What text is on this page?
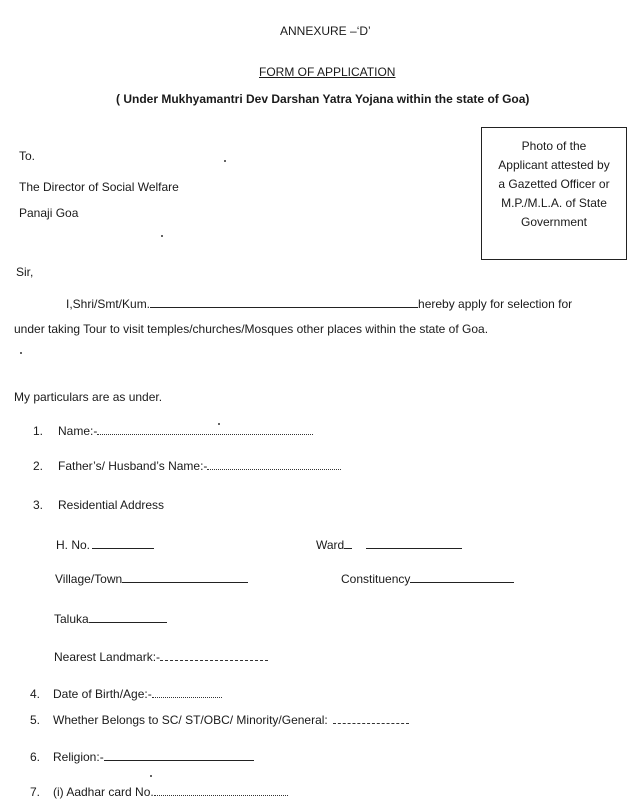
ANNEXURE –‘D’
FORM OF APPLICATION
( Under Mukhyamantri Dev Darshan Yatra Yojana within the state of Goa)
To.
The Director of Social Welfare
Panaji Goa
Photo of the
Applicant attested by
a Gazetted Officer or
M.P./M.L.A. of State
Government
Sir,
I,Shri/Smt/Kum.	hereby apply for selection for
under taking Tour to visit temples/churches/Mosques other places within the state of Goa.
My particulars are as under.
1. Name:-
2. Father’s/ Husband’s Name:-
3. Residential Address
H. No.	Ward
Village/Town	Constituency
Taluka
Nearest Landmark:-
4. Date of Birth/Age:-
5. Whether Belongs to SC/ ST/OBC/ Minority/General:
6. Religion:-
7. (i) Aadhar card No.
